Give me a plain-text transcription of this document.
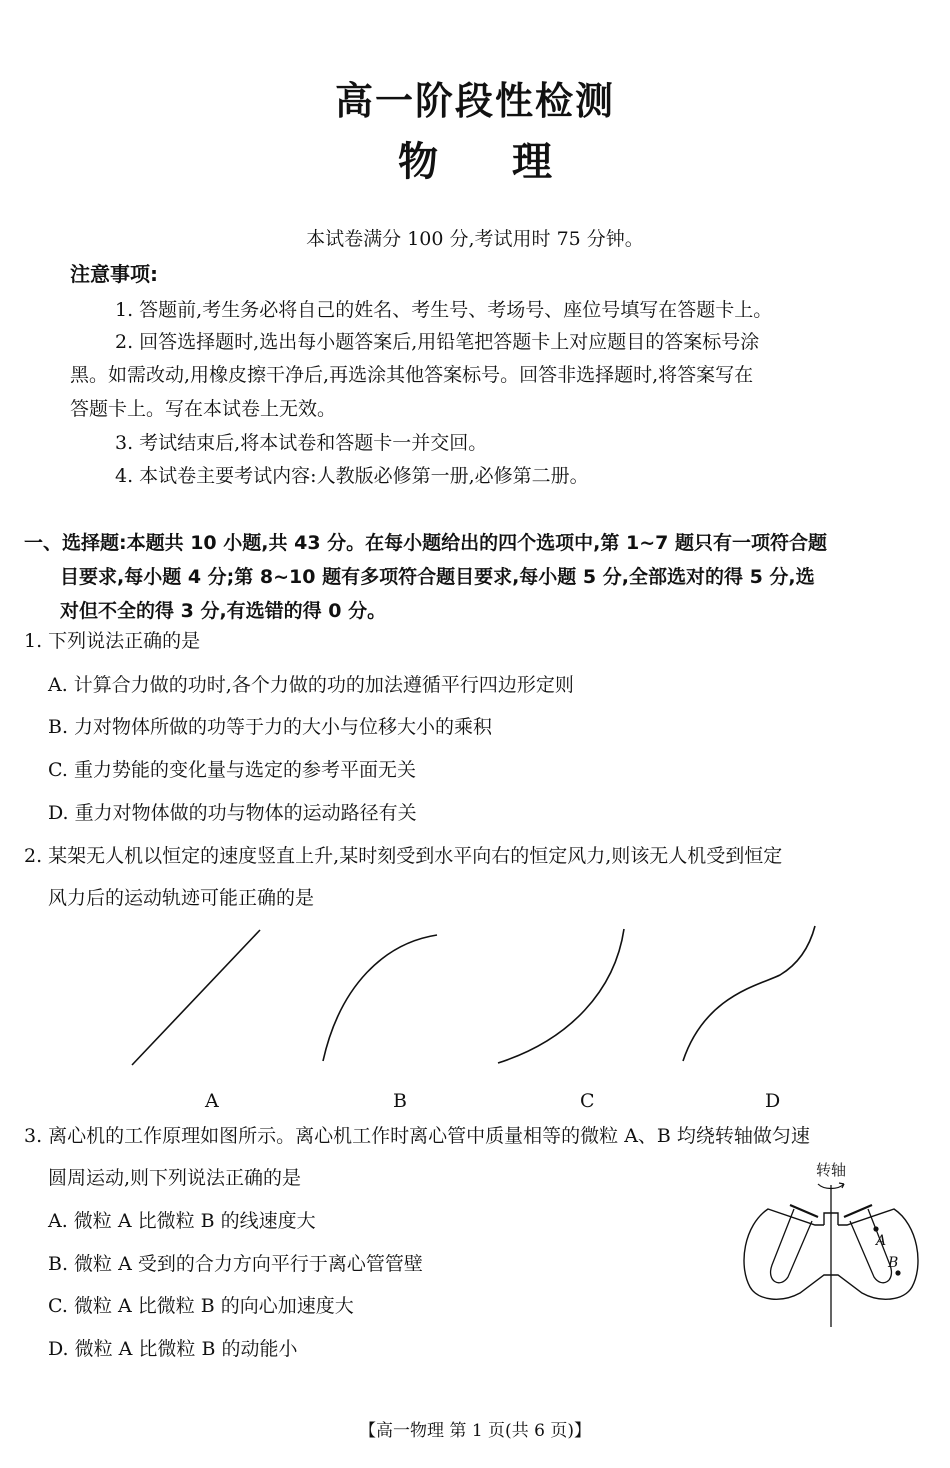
高一阶段性检测
物 理
本试卷满分 100 分,考试用时 75 分钟。
注意事项:
1. 答题前,考生务必将自己的姓名、考生号、考场号、座位号填写在答题卡上。
2. 回答选择题时,选出每小题答案后,用铅笔把答题卡上对应题目的答案标号涂
黑。如需改动,用橡皮擦干净后,再选涂其他答案标号。回答非选择题时,将答案写在
答题卡上。写在本试卷上无效。
3. 考试结束后,将本试卷和答题卡一并交回。
4. 本试卷主要考试内容:人教版必修第一册,必修第二册。
一、选择题:本题共 10 小题,共 43 分。在每小题给出的四个选项中,第 1~7 题只有一项符合题
目要求,每小题 4 分;第 8~10 题有多项符合题目要求,每小题 5 分,全部选对的得 5 分,选
对但不全的得 3 分,有选错的得 0 分。
1. 下列说法正确的是
A. 计算合力做的功时,各个力做的功的加法遵循平行四边形定则
B. 力对物体所做的功等于力的大小与位移大小的乘积
C. 重力势能的变化量与选定的参考平面无关
D. 重力对物体做的功与物体的运动路径有关
2. 某架无人机以恒定的速度竖直上升,某时刻受到水平向右的恒定风力,则该无人机受到恒定
风力后的运动轨迹可能正确的是
A	B	C	D
3. 离心机的工作原理如图所示。离心机工作时离心管中质量相等的微粒 A、B 均绕转轴做匀速
圆周运动,则下列说法正确的是
A. 微粒 A 比微粒 B 的线速度大
B. 微粒 A 受到的合力方向平行于离心管管壁
C. 微粒 A 比微粒 B 的向心加速度大
D. 微粒 A 比微粒 B 的动能小
转轴
A
B
【高一物理 第 1 页(共 6 页)】
